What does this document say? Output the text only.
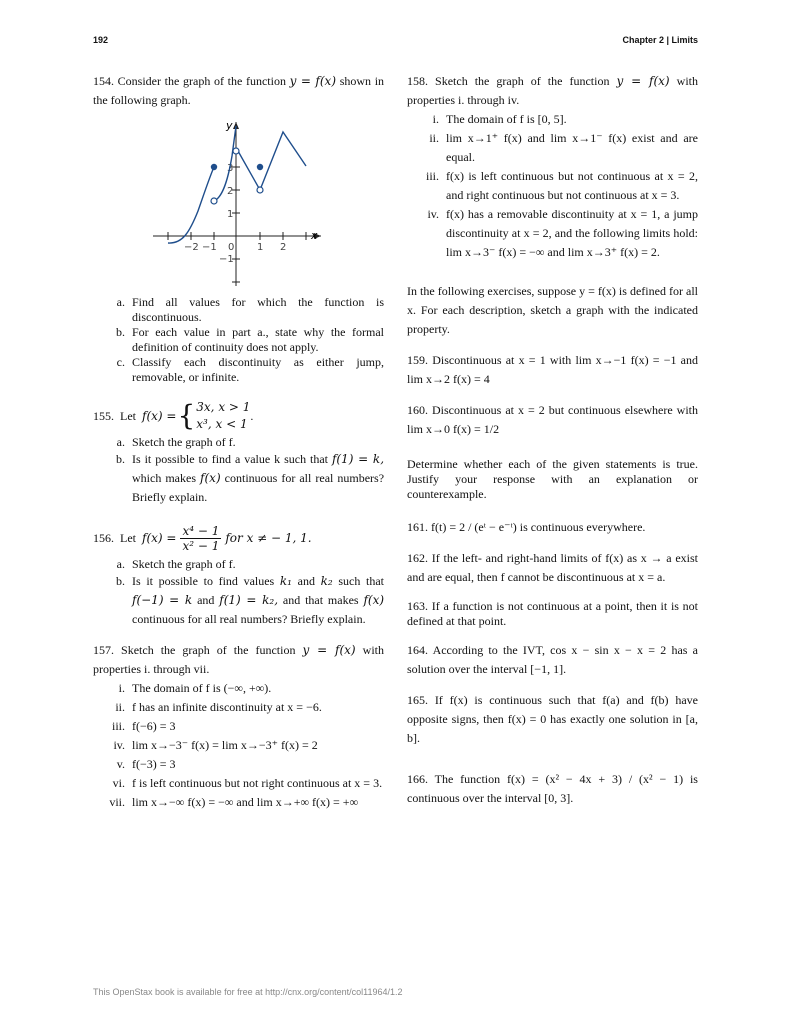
192	Chapter 2 | Limits

154. Consider the graph of the function y = f(x) shown in the following graph.

x
y
−2 −1 0 1 2
3
2
1
−1
a. Find all values for which the function is discontinuous.
b. For each value in part a., state why the formal definition of continuity does not apply.
c. Classify each discontinuity as either jump, removable, or infinite.
155.
Let
f(x) = { 3x, x > 1
x³, x < 1
.
a. Sketch the graph of f.
b. Is it possible to find a value k such that f(1) = k, which makes f(x) continuous for all real numbers? Briefly explain.
156.
Let
$f(x) = \frac{\text{x⁴ − 1}}{\text{x² − 1}}$ for x ≠ − 1, 1.
a. Sketch the graph of f.
b. Is it possible to find values k₁ and k₂ such that f(−1) = k and f(1) = k₂, and that makes f(x) continuous for all real numbers? Briefly explain.

157. Sketch the graph of the function y = f(x) with properties i. through vii.

i. The domain of f is (−∞, +∞).
ii. f has an infinite discontinuity at x = −6.
iii. f(−6) = 3
iv. lim x→−3⁻ f(x) = lim x→−3⁺ f(x) = 2
v. f(−3) = 3
vi. f is left continuous but not right continuous at x = 3.
vii. lim x→−∞ f(x) = −∞ and lim x→+∞ f(x) = +∞

158. Sketch the graph of the function y = f(x) with properties i. through iv.

i. The domain of f is [0, 5].
ii. lim x→1⁺ f(x) and lim x→1⁻ f(x) exist and are equal.
iii. f(x) is left continuous but not continuous at x = 2, and right continuous but not continuous at x = 3.
iv. f(x) has a removable discontinuity at x = 1, a jump discontinuity at x = 2, and the following limits hold: lim x→3⁻ f(x) = −∞ and lim x→3⁺ f(x) = 2.

In the following exercises, suppose y = f(x) is defined for all x. For each description, sketch a graph with the indicated property.

159. Discontinuous at x = 1 with lim x→−1 f(x) = −1 and lim x→2 f(x) = 4

160. Discontinuous at x = 2 but continuous elsewhere with lim x→0 f(x) = 1/2

Determine whether each of the given statements is true. Justify your response with an explanation or counterexample.

161. f(t) = 2 / (eᵗ − e⁻ᵗ) is continuous everywhere.

162. If the left- and right-hand limits of f(x) as x → a exist and are equal, then f cannot be discontinuous at x = a.

163. If a function is not continuous at a point, then it is not defined at that point.

164. According to the IVT, cos x − sin x − x = 2 has a solution over the interval [−1, 1].

165. If f(x) is continuous such that f(a) and f(b) have opposite signs, then f(x) = 0 has exactly one solution in [a, b].

166. The function f(x) = (x² − 4x + 3) / (x² − 1) is continuous over the interval [0, 3].

This OpenStax book is available for free at http://cnx.org/content/col11964/1.2
